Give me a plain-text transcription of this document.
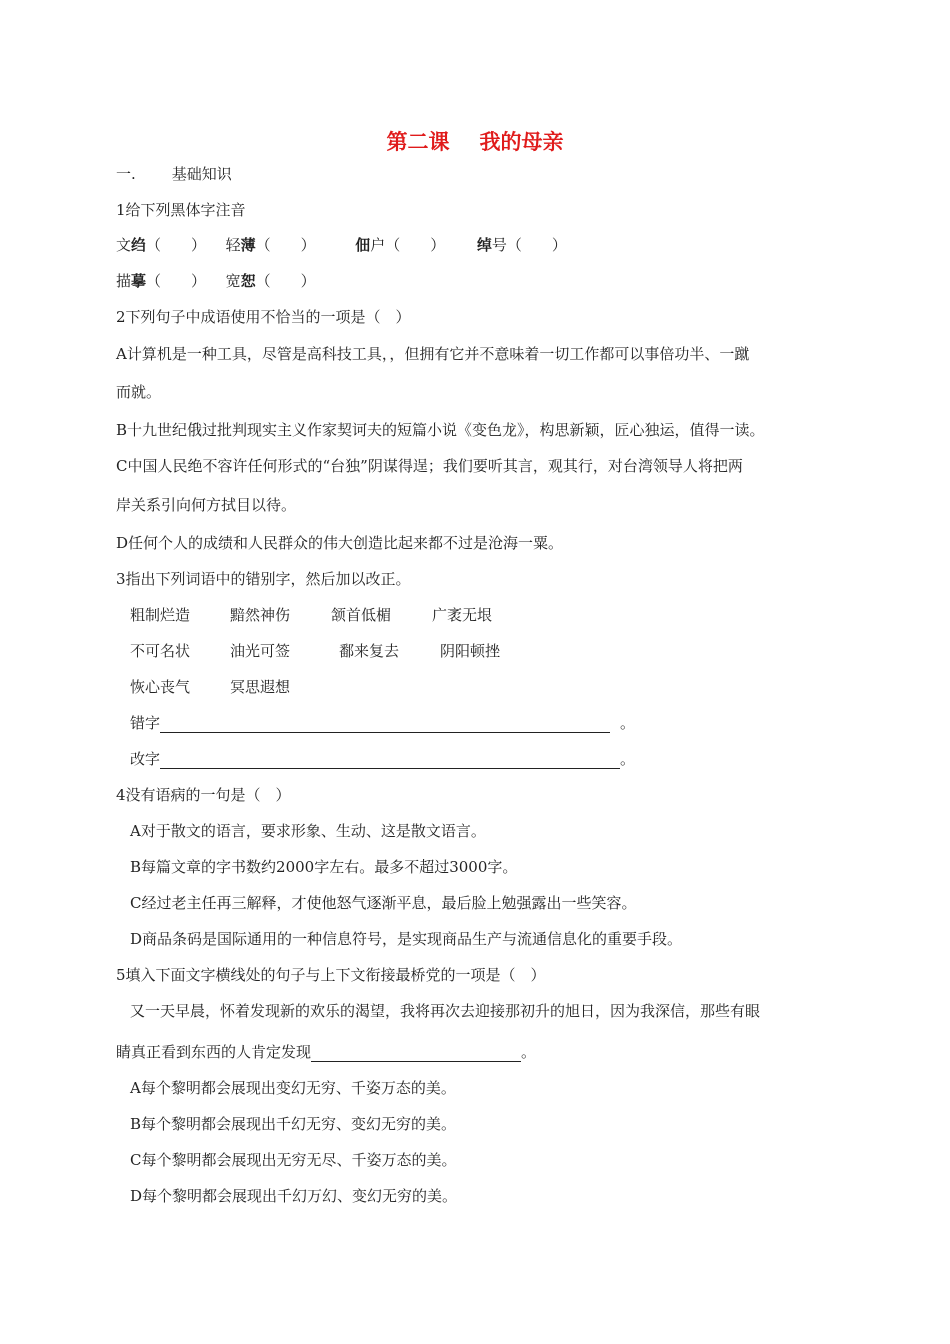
第二课 我的母亲
一. 基础知识
1给下列黑体字注音
文绉（　　） 轻薄（　　）	佃户（　　） 绰号（　　）
描摹（　　） 宽恕（　　）
2下列句子中成语使用不恰当的一项是（　）
A计算机是一种工具，尽管是高科技工具，，但拥有它并不意味着一切工作都可以事倍功半、一蹴
而就。
B十九世纪俄过批判现实主义作家契诃夫的短篇小说《变色龙》，构思新颖，匠心独运，值得一读。
C中国人民绝不容许任何形式的“台独”阴谋得逞；我们要听其言，观其行，对台湾领导人将把两
岸关系引向何方拭目以待。
D任何个人的成绩和人民群众的伟大创造比起来都不过是沧海一粟。
3指出下列词语中的错别字，然后加以改正。
粗制烂造	黯然神伤	颔首低楣	广袤无垠
不可名状	油光可签	鄱来复去	阴阳顿挫
恢心丧气	冥思遐想
错字	。
改字	。
4没有语病的一句是（　）
A对于散文的语言，要求形象、生动、这是散文语言。
B每篇文章的字书数约2000字左右。最多不超过3000字。
C经过老主任再三解释，才使他怒气逐渐平息，最后脸上勉强露出一些笑容。
D商品条码是国际通用的一种信息符号，是实现商品生产与流通信息化的重要手段。
5填入下面文字横线处的句子与上下文衔接最桥党的一项是（　）
又一天早晨，怀着发现新的欢乐的渴望，我将再次去迎接那初升的旭日，因为我深信，那些有眼
睛真正看到东西的人肯定发现	。
A每个黎明都会展现出变幻无穷、千姿万态的美。
B每个黎明都会展现出千幻无穷、变幻无穷的美。
C每个黎明都会展现出无穷无尽、千姿万态的美。
D每个黎明都会展现出千幻万幻、变幻无穷的美。
